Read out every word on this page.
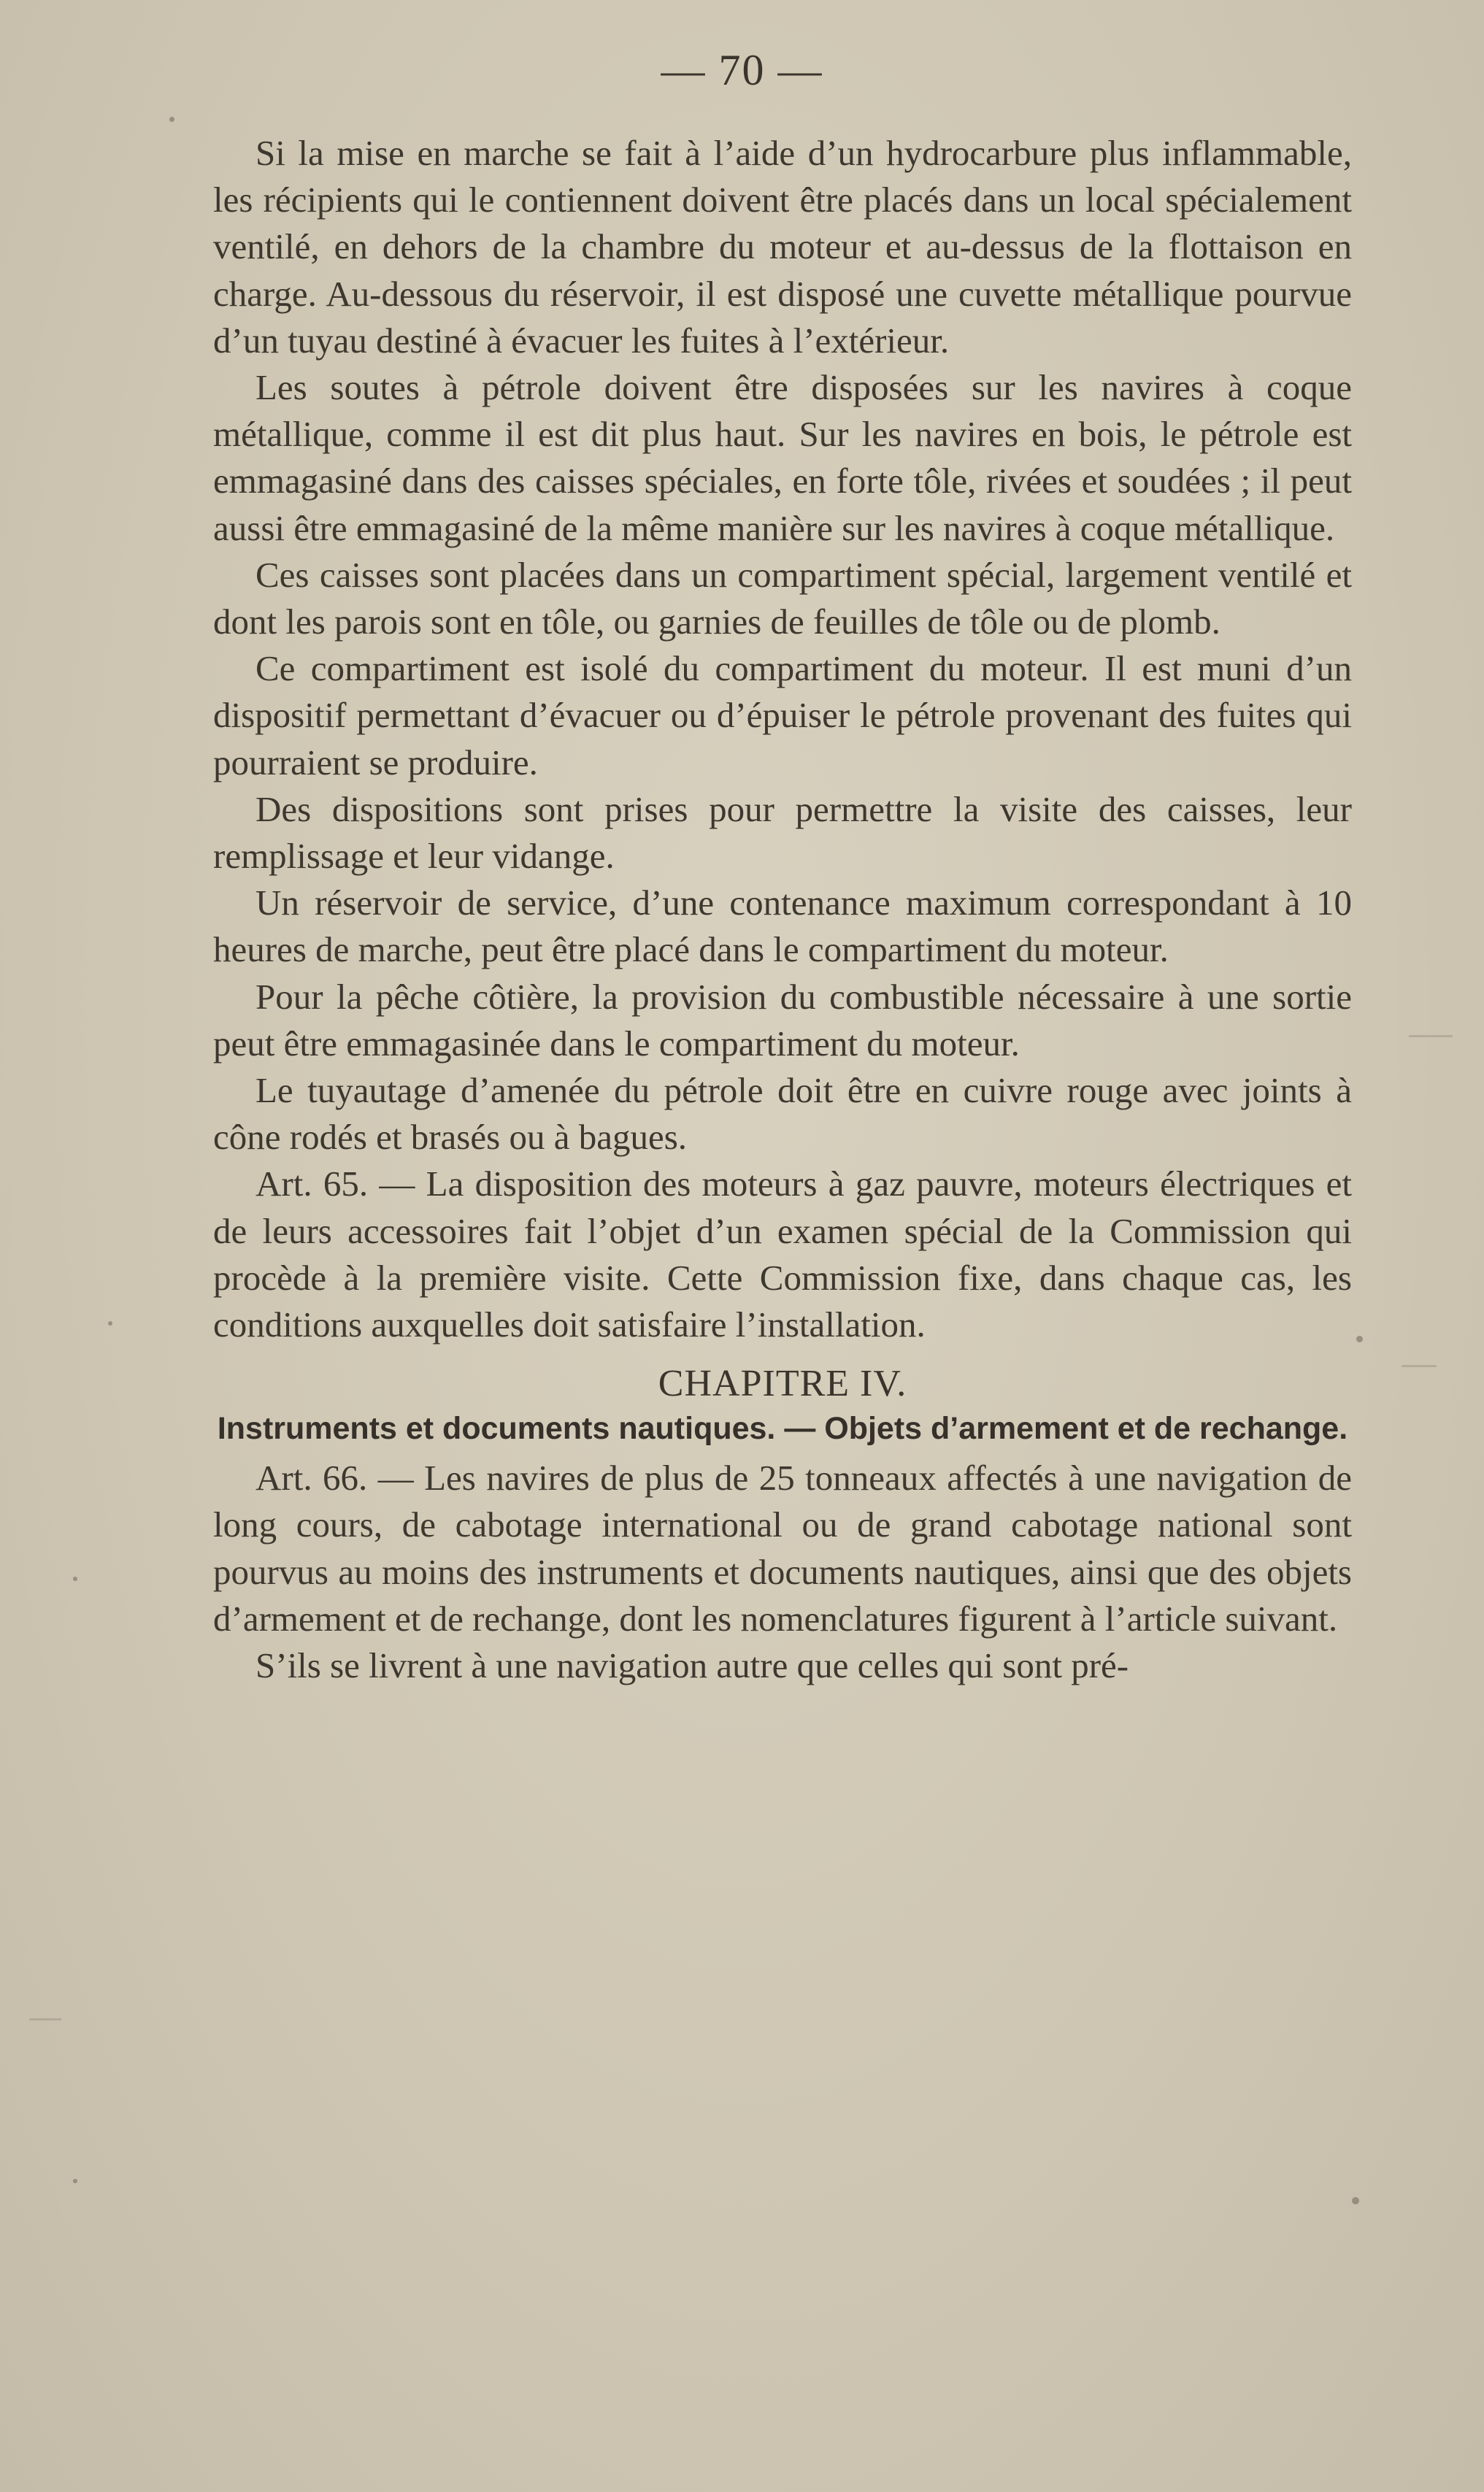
— 70 —

Si la mise en marche se fait à l’aide d’un hydrocarbure plus inflammable, les récipients qui le contiennent doivent être placés dans un local spécialement ventilé, en dehors de la chambre du moteur et au-dessus de la flottaison en charge. Au-dessous du réservoir, il est disposé une cuvette métallique pourvue d’un tuyau destiné à évacuer les fuites à l’extérieur.

Les soutes à pétrole doivent être disposées sur les navires à coque métallique, comme il est dit plus haut. Sur les navires en bois, le pétrole est emmagasiné dans des caisses spéciales, en forte tôle, rivées et soudées ; il peut aussi être emmagasiné de la même manière sur les navires à coque métallique.

Ces caisses sont placées dans un compartiment spécial, largement ventilé et dont les parois sont en tôle, ou garnies de feuilles de tôle ou de plomb.

Ce compartiment est isolé du compartiment du moteur. Il est muni d’un dispositif permettant d’évacuer ou d’épuiser le pétrole provenant des fuites qui pourraient se produire.

Des dispositions sont prises pour permettre la visite des caisses, leur remplissage et leur vidange.

Un réservoir de service, d’une contenance maximum correspondant à 10 heures de marche, peut être placé dans le compartiment du moteur.

Pour la pêche côtière, la provision du combustible nécessaire à une sortie peut être emmagasinée dans le compartiment du moteur.

Le tuyautage d’amenée du pétrole doit être en cuivre rouge avec joints à cône rodés et brasés ou à bagues.

Art. 65. — La disposition des moteurs à gaz pauvre, moteurs électriques et de leurs accessoires fait l’objet d’un examen spécial de la Commission qui procède à la première visite. Cette Commission fixe, dans chaque cas, les conditions auxquelles doit satisfaire l’installation.

CHAPITRE IV.
Instruments et documents nautiques. — Objets d’armement et de rechange.

Art. 66. — Les navires de plus de 25 tonneaux affectés à une navigation de long cours, de cabotage international ou de grand cabotage national sont pourvus au moins des instruments et documents nautiques, ainsi que des objets d’armement et de rechange, dont les nomenclatures figurent à l’article suivant.

S’ils se livrent à une navigation autre que celles qui sont pré-
